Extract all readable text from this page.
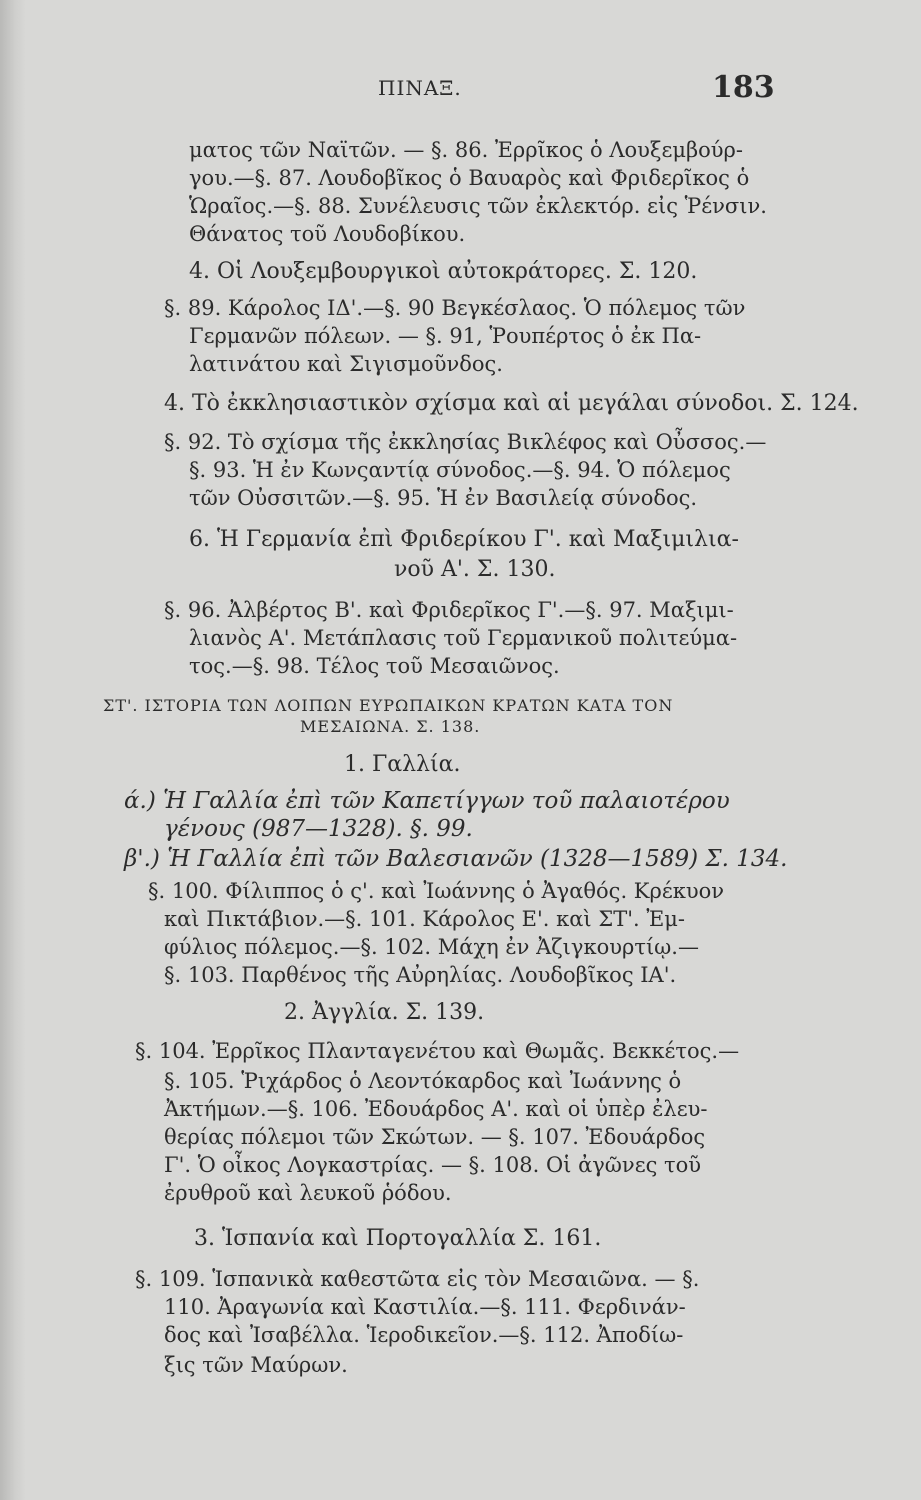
ΠΙΝΑΞ.	183
ματος τῶν Ναϊτῶν. — §. 86. Ἐρρῖκος ὁ Λουξεμβούρ-
γου.—§. 87. Λουδοβῖκος ὁ Βαυαρὸς καὶ Φριδερῖκος ὁ
Ὡραῖος.—§. 88. Συνέλευσις τῶν ἐκλεκτόρ. εἰς Ῥένσιν.
Θάνατος τοῦ Λουδοβίκου.
4. Οἱ Λουξεμβουργικοὶ αὐτοκράτορες. Σ. 120.
§. 89. Κάρολος ΙΔ'.—§. 90 Βεγκέσλαος. Ὁ πόλεμος τῶν
Γερμανῶν πόλεων. — §. 91, Ῥουπέρτος ὁ ἐκ Πα-
λατινάτου καὶ Σιγισμοῦνδος.
4. Τὸ ἐκκλησιαστικὸν σχίσμα καὶ αἱ μεγάλαι σύνοδοι. Σ. 124.
§. 92. Τὸ σχίσμα τῆς ἐκκλησίας Βικλέφος καὶ Οὖσσος.—
§. 93. Ἡ ἐν Κωνςαντίᾳ σύνοδος.—§. 94. Ὁ πόλεμος
τῶν Οὐσσιτῶν.—§. 95. Ἡ ἐν Βασιλείᾳ σύνοδος.
6. Ἡ Γερμανία ἐπὶ Φριδερίκου Γ'. καὶ Μαξιμιλια-
νοῦ Α'. Σ. 130.
§. 96. Ἀλβέρτος Β'. καὶ Φριδερῖκος Γ'.—§. 97. Μαξιμι-
λιανὸς Α'. Μετάπλασις τοῦ Γερμανικοῦ πολιτεύμα-
τος.—§. 98. Τέλος τοῦ Μεσαιῶνος.
ΣΤ'. ΙΣΤΟΡΙΑ ΤΩΝ ΛΟΙΠΩΝ ΕΥΡΩΠΑΙΚΩΝ ΚΡΑΤΩΝ ΚΑΤΑ ΤΟΝ
ΜΕΣΑΙΩΝΑ. Σ. 138.
1. Γαλλία.
ά.) Ἡ Γαλλία ἐπὶ τῶν Καπετίγγων τοῦ παλαιοτέρου
γένους (987—1328). §. 99.
β'.) Ἡ Γαλλία ἐπὶ τῶν Βαλεσιανῶν (1328—1589) Σ. 134.
§. 100. Φίλιππος ὁ ς'. καὶ Ἰωάννης ὁ Ἀγαθός. Κρέκυον
καὶ Πικτάβιον.—§. 101. Κάρολος Ε'. καὶ ΣΤ'. Ἐμ-
φύλιος πόλεμος.—§. 102. Μάχη ἐν Ἀζιγκουρτίῳ.—
§. 103. Παρθένος τῆς Αὐρηλίας. Λουδοβῖκος ΙΑ'.
2. Ἀγγλία. Σ. 139.
§. 104. Ἐρρῖκος Πλανταγενέτου καὶ Θωμᾶς. Βεκκέτος.—
§. 105. Ῥιχάρδος ὁ Λεοντόκαρδος καὶ Ἰωάννης ὁ
Ἀκτήμων.—§. 106. Ἐδουάρδος Α'. καὶ οἱ ὑπὲρ ἐλευ-
θερίας πόλεμοι τῶν Σκώτων. — §. 107. Ἐδουάρδος
Γ'. Ὁ οἶκος Λογκαστρίας. — §. 108. Οἱ ἀγῶνες τοῦ
ἐρυθροῦ καὶ λευκοῦ ῥόδου.
3. Ἱσπανία καὶ Πορτογαλλία Σ. 161.
§. 109. Ἱσπανικὰ καθεστῶτα εἰς τὸν Μεσαιῶνα. — §.
110. Ἀραγωνία καὶ Καστιλία.—§. 111. Φερδινάν-
δος καὶ Ἰσαβέλλα. Ἱεροδικεῖον.—§. 112. Ἀποδίω-
ξις τῶν Μαύρων.
